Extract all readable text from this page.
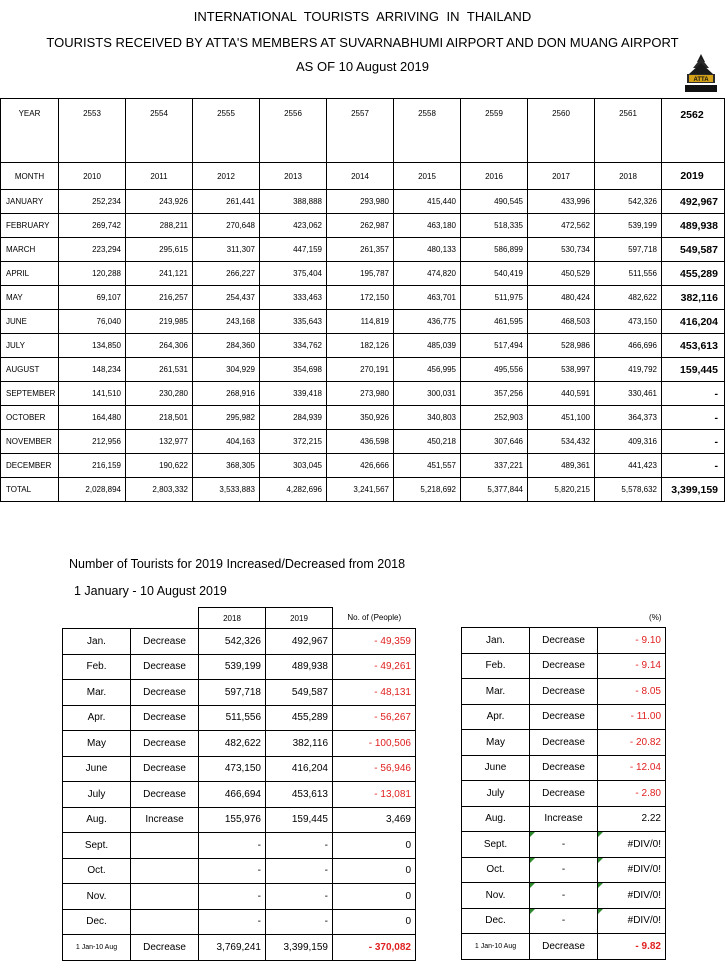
INTERNATIONAL TOURISTS ARRIVING IN THAILAND
TOURISTS RECEIVED BY ATTA'S MEMBERS AT SUVARNABHUMI AIRPORT AND DON MUANG AIRPORT
AS OF 10 August 2019
ATTA
YEAR	2553	2554	2555	2556	2557	2558	2559	2560	2561	2562
MONTH	2010	2011	2012	2013	2014	2015	2016	2017	2018	2019
JANUARY	252,234	243,926	261,441	388,888	293,980	415,440	490,545	433,996	542,326	492,967
FEBRUARY	269,742	288,211	270,648	423,062	262,987	463,180	518,335	472,562	539,199	489,938
MARCH	223,294	295,615	311,307	447,159	261,357	480,133	586,899	530,734	597,718	549,587
APRIL	120,288	241,121	266,227	375,404	195,787	474,820	540,419	450,529	511,556	455,289
MAY	69,107	216,257	254,437	333,463	172,150	463,701	511,975	480,424	482,622	382,116
JUNE	76,040	219,985	243,168	335,643	114,819	436,775	461,595	468,503	473,150	416,204
JULY	134,850	264,306	284,360	334,762	182,126	485,039	517,494	528,986	466,696	453,613
AUGUST	148,234	261,531	304,929	354,698	270,191	456,995	495,556	538,997	419,792	159,445
SEPTEMBER	141,510	230,280	268,916	339,418	273,980	300,031	357,256	440,591	330,461	-
OCTOBER	164,480	218,501	295,982	284,939	350,926	340,803	252,903	451,100	364,373	-
NOVEMBER	212,956	132,977	404,163	372,215	436,598	450,218	307,646	534,432	409,316	-
DECEMBER	216,159	190,622	368,305	303,045	426,666	451,557	337,221	489,361	441,423	-
TOTAL	2,028,894	2,803,332	3,533,883	4,282,696	3,241,567	5,218,692	5,377,844	5,820,215	5,578,632	3,399,159
Number of Tourists for 2019 Increased/Decreased from 2018
1 January - 10 August 2019
		2018	2019	No. of (People)
Jan.	Decrease	542,326	492,967	- 49,359
Feb.	Decrease	539,199	489,938	- 49,261
Mar.	Decrease	597,718	549,587	- 48,131
Apr.	Decrease	511,556	455,289	- 56,267
May	Decrease	482,622	382,116	- 100,506
June	Decrease	473,150	416,204	- 56,946
July	Decrease	466,694	453,613	- 13,081
Aug.	Increase	155,976	159,445	3,469
Sept.		-	-	0
Oct.		-	-	0
Nov.		-	-	0
Dec.		-	-	0
1 Jan-10 Aug	Decrease	3,769,241	3,399,159	- 370,082
		(%)
Jan.	Decrease	- 9.10
Feb.	Decrease	- 9.14
Mar.	Decrease	- 8.05
Apr.	Decrease	- 11.00
May	Decrease	- 20.82
June	Decrease	- 12.04
July	Decrease	- 2.80
Aug.	Increase	2.22
Sept.	-	#DIV/0!
Oct.	-	#DIV/0!
Nov.	-	#DIV/0!
Dec.	-	#DIV/0!
1 Jan-10 Aug	Decrease	- 9.82
